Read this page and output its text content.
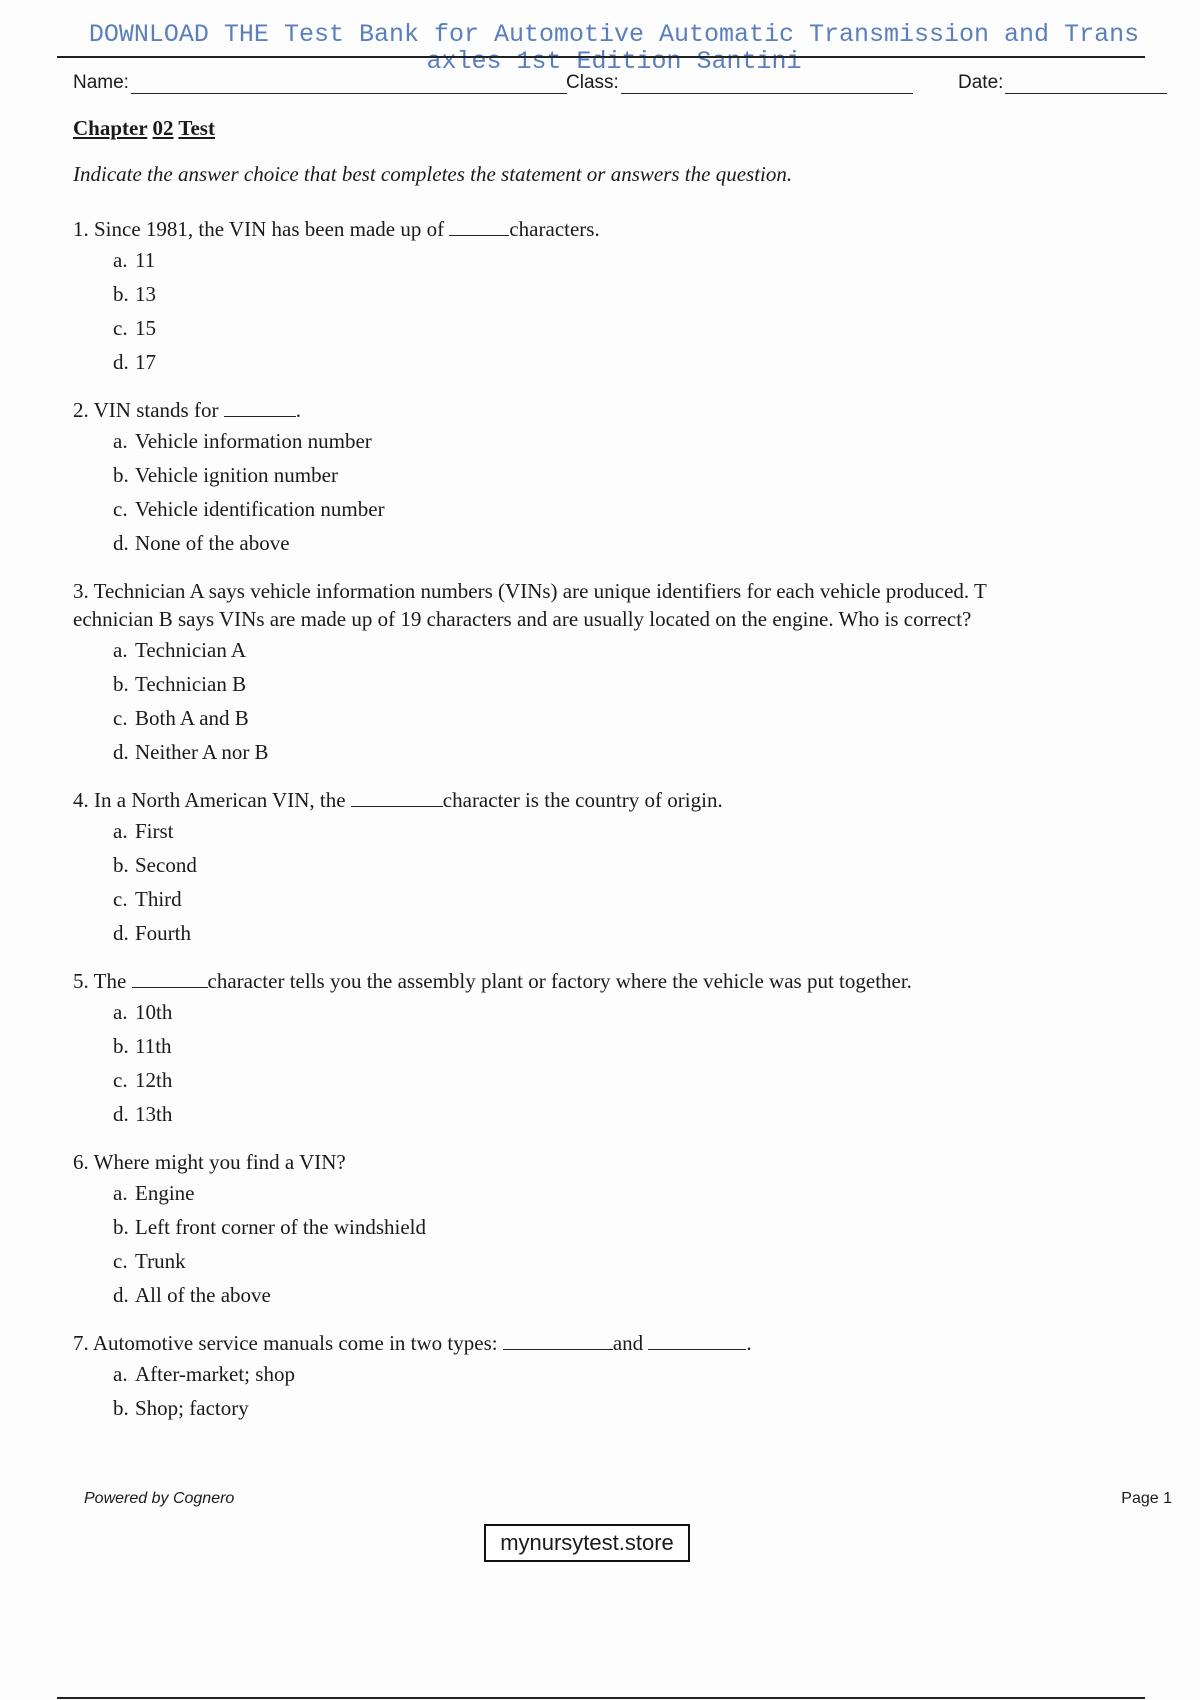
DOWNLOAD THE Test Bank for Automotive Automatic Transmission and Trans
axles 1st Edition Santini
Name:	Class:	Date:
Chapter 02 Test
Indicate the answer choice that best completes the statement or answers the question.
1. Since 1981, the VIN has been made up of	characters.
a. 11
b. 13
c. 15
d. 17
2. VIN stands for	.
a. Vehicle information number
b. Vehicle ignition number
c. Vehicle identification number
d. None of the above
3. Technician A says vehicle information numbers (VINs) are unique identifiers for each vehicle produced. T
echnician B says VINs are made up of 19 characters and are usually located on the engine. Who is correct?
a. Technician A
b. Technician B
c. Both A and B
d. Neither A nor B
4. In a North American VIN, the	character is the country of origin.
a. First
b. Second
c. Third
d. Fourth
5. The	character tells you the assembly plant or factory where the vehicle was put together.
a. 10th
b. 11th
c. 12th
d. 13th
6. Where might you find a VIN?
a. Engine
b. Left front corner of the windshield
c. Trunk
d. All of the above
7. Automotive service manuals come in two types:	and	.
a. After-market; shop
b. Shop; factory
Powered by Cognero	Page 1
mynursytest.store
